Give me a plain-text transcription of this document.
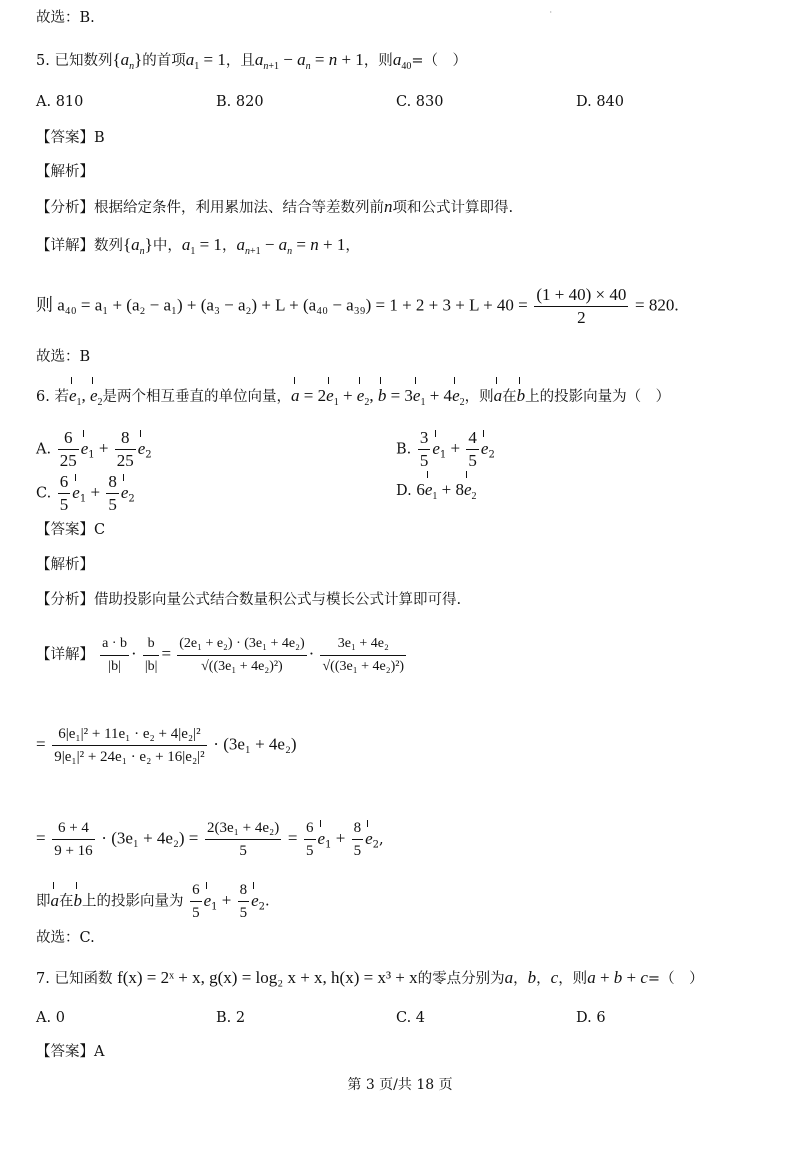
·
故选：B.
5. 已知数列$\{a_n\}$的首项$a_1 = 1$，且$a_{n+1} - a_n = n + 1$，则$a_{40}=$（　）
A. 810	B. 820	C. 830	D. 840
【答案】B
【解析】
【分析】根据给定条件，利用累加法、结合等差数列前n项和公式计算即得.
【详解】数列$\{a_n\}$中，$a_1 = 1$，$a_{n+1} - a_n = n + 1$，
则 $a_{40} = a_1 + (a_2 - a_1) + (a_3 - a_2) + L + (a_{40} - a_{39}) = 1 + 2 + 3 + L + 40 = \frac{(1 + 40) \times 40}{2} = 820$.
故选：B
6. 若$e_1$, $e_2$是两个相互垂直的单位向量，$a = 2e_1 + e_2$, $b = 3e_1 + 4e_2$，则a在b上的投影向量为（　）
A. $\frac{6}{25} e_1 + \frac{8}{25} e_2$	B. $\frac{3}{5} e_1 + \frac{4}{5} e_2$
C. $\frac{6}{5} e_1 + \frac{8}{5} e_2$	D. $6e_1 + 8e_2$
【答案】C
【解析】
【分析】借助投影向量公式结合数量积公式与模长公式计算即可得.
【详解】 $\frac{a \cdot b}{|b|} \cdot \frac{b}{|b|} = \frac{\text{(2e₁ + e₂) · (3e₁ + 4e₂)}}{\text{√((3e₁ + 4e₂)²)}} \cdot \frac{\text{3e₁ + 4e₂}}{\text{√((3e₁ + 4e₂)²)}}$
= $\frac{\text{6|e₁|² + 11e₁ · e₂ + 4|e₂|²}}{\text{9|e₁|² + 24e₁ · e₂ + 16|e₂|²}} \cdot (3e_1 + 4e_2)$
= $\frac{6 + 4}{9 + 16} \cdot (3e_1 + 4e_2) = \frac{\text{2(3e₁ + 4e₂)}}{5} = \frac{6}{5} e_1 + \frac{8}{5} e_2$,
即a在b上的投影向量为 $\frac{6}{5} e_1 + \frac{8}{5} e_2$.
故选：C.
7. 已知函数 f(x) = 2ˣ + x, g(x) = log₂ x + x, h(x) = x³ + x的零点分别为a，b，c，则a + b + c=（　）
A. 0	B. 2	C. 4	D. 6
【答案】A
第 3 页/共 18 页
